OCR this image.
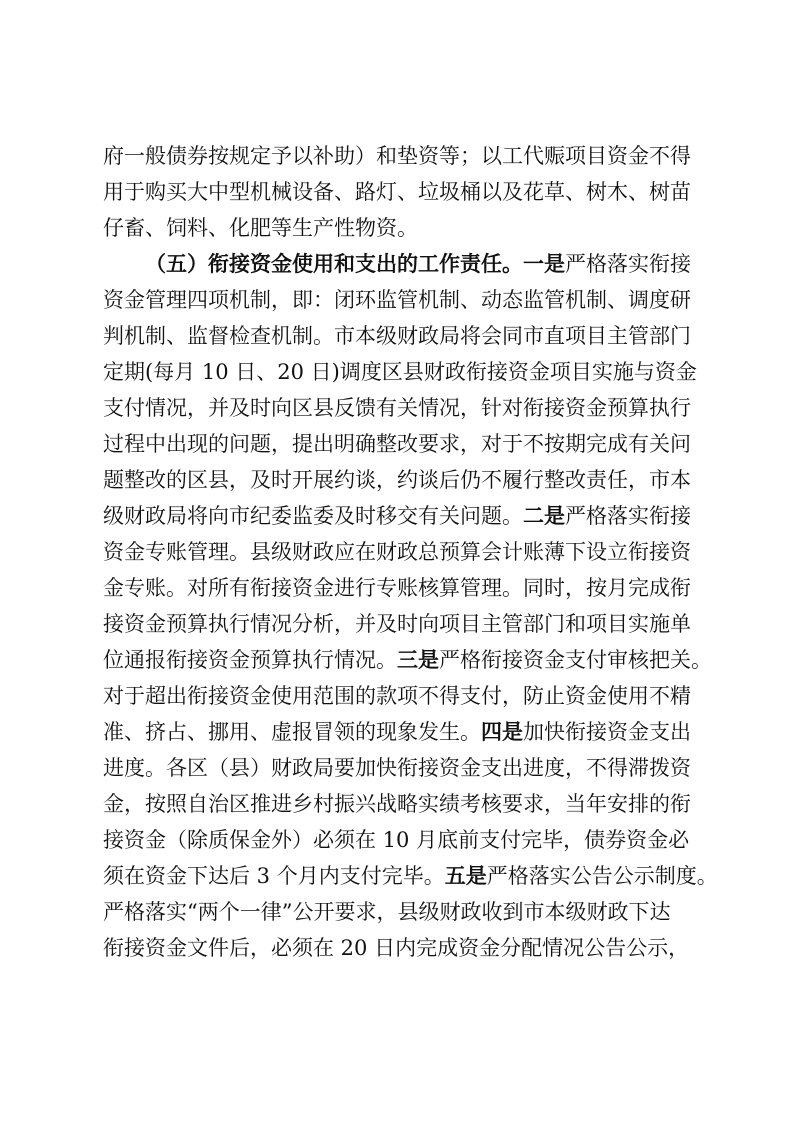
府一般债券按规定予以补助）和垫资等；以工代赈项目资金不得
用于购买大中型机械设备、路灯、垃圾桶以及花草、树木、树苗
仔畜、饲料、化肥等生产性物资。
（五）衔接资金使用和支出的工作责任。一是严格落实衔接
资金管理四项机制，即：闭环监管机制、动态监管机制、调度研
判机制、监督检查机制。市本级财政局将会同市直项目主管部门
定期(每月 10 日、20 日)调度区县财政衔接资金项目实施与资金
支付情况，并及时向区县反馈有关情况，针对衔接资金预算执行
过程中出现的问题，提出明确整改要求，对于不按期完成有关问
题整改的区县，及时开展约谈，约谈后仍不履行整改责任，市本
级财政局将向市纪委监委及时移交有关问题。二是严格落实衔接
资金专账管理。县级财政应在财政总预算会计账薄下设立衔接资
金专账。对所有衔接资金进行专账核算管理。同时，按月完成衔
接资金预算执行情况分析，并及时向项目主管部门和项目实施单
位通报衔接资金预算执行情况。三是严格衔接资金支付审核把关。
对于超出衔接资金使用范围的款项不得支付，防止资金使用不精
准、挤占、挪用、虚报冒领的现象发生。四是加快衔接资金支出
进度。各区（县）财政局要加快衔接资金支出进度，不得滞拨资
金，按照自治区推进乡村振兴战略实绩考核要求，当年安排的衔
接资金（除质保金外）必须在 10 月底前支付完毕，债券资金必
须在资金下达后 3 个月内支付完毕。五是严格落实公告公示制度。
严格落实“两个一律”公开要求，县级财政收到市本级财政下达
衔接资金文件后，必须在 20 日内完成资金分配情况公告公示，
